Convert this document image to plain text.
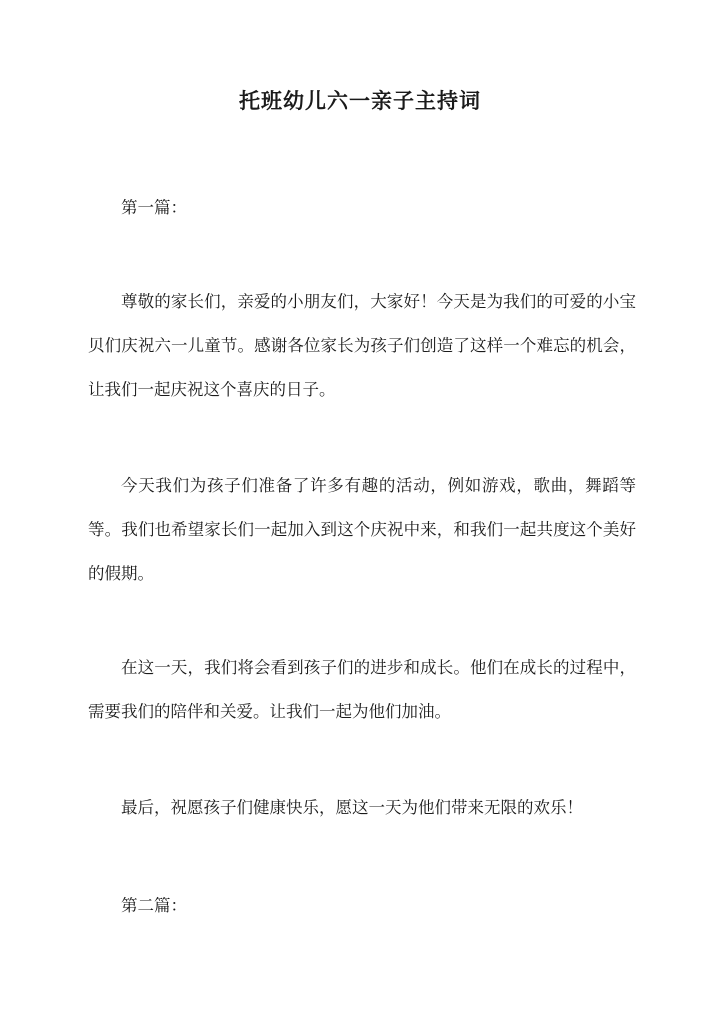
托班幼儿六一亲子主持词

第一篇：

尊敬的家长们，亲爱的小朋友们，大家好！今天是为我们的可爱的小宝贝们庆祝六一儿童节。感谢各位家长为孩子们创造了这样一个难忘的机会，让我们一起庆祝这个喜庆的日子。

今天我们为孩子们准备了许多有趣的活动，例如游戏，歌曲，舞蹈等等。我们也希望家长们一起加入到这个庆祝中来，和我们一起共度这个美好的假期。

在这一天，我们将会看到孩子们的进步和成长。他们在成长的过程中，需要我们的陪伴和关爱。让我们一起为他们加油。

最后，祝愿孩子们健康快乐，愿这一天为他们带来无限的欢乐！

第二篇：
